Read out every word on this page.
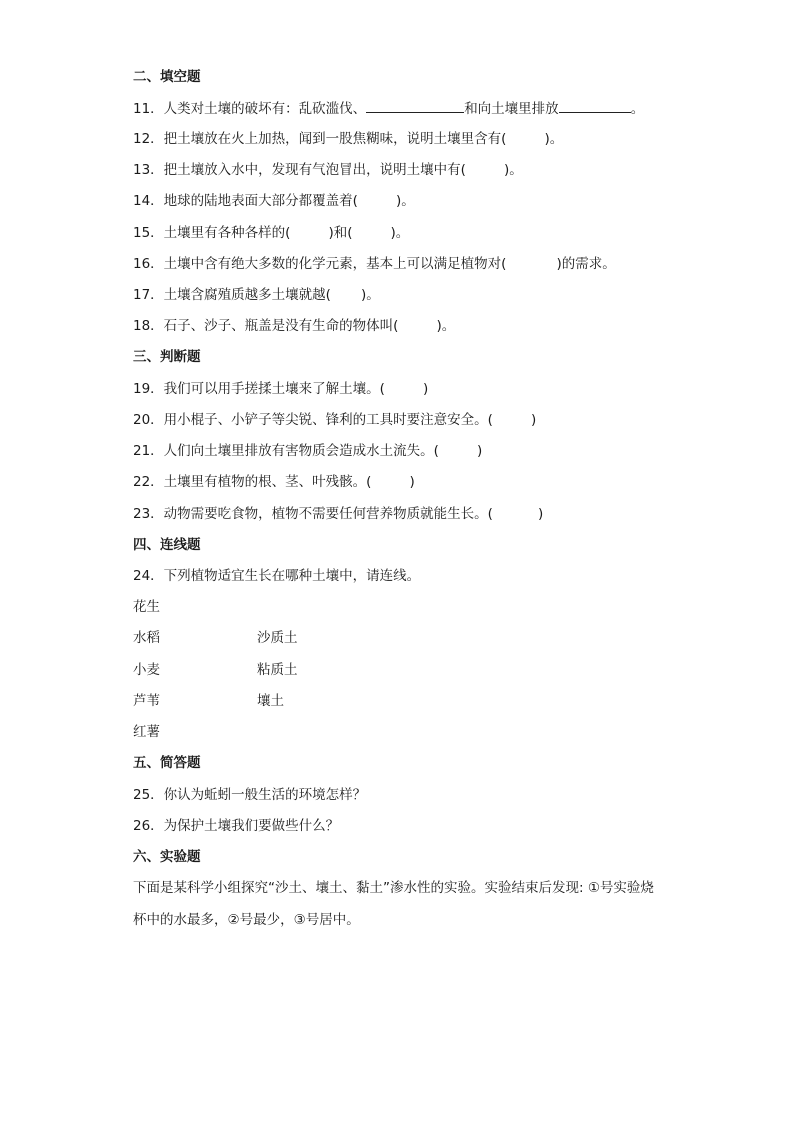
二、填空题
11．人类对土壤的破坏有：乱砍滥伐、	和向土壤里排放	。
12．把土壤放在火上加热，闻到一股焦糊味，说明土壤里含有(	)。
13．把土壤放入水中，发现有气泡冒出，说明土壤中有(	)。
14．地球的陆地表面大部分都覆盖着(	)。
15．土壤里有各种各样的(	)和(	)。
16．土壤中含有绝大多数的化学元素，基本上可以满足植物对(	)的需求。
17．土壤含腐殖质越多土壤就越( )。
18．石子、沙子、瓶盖是没有生命的物体叫(	)。
三、判断题
19．我们可以用手搓揉土壤来了解土壤。(	)
20．用小棍子、小铲子等尖锐、锋利的工具时要注意安全。(	)
21．人们向土壤里排放有害物质会造成水土流失。(	)
22．土壤里有植物的根、茎、叶残骸。(	)
23．动物需要吃食物，植物不需要任何营养物质就能生长。(	)
四、连线题
24．下列植物适宜生长在哪种土壤中，请连线。
花生
水稻
小麦
芦苇
红薯
沙质土
粘质土
壤土
五、简答题
25．你认为蚯蚓一般生活的环境怎样？
26．为保护土壤我们要做些什么？
六、实验题
下面是某科学小组探究“沙土、壤土、黏土”渗水性的实验。实验结束后发现: ①号实验烧杯中的水最多，②号最少，③号居中。
